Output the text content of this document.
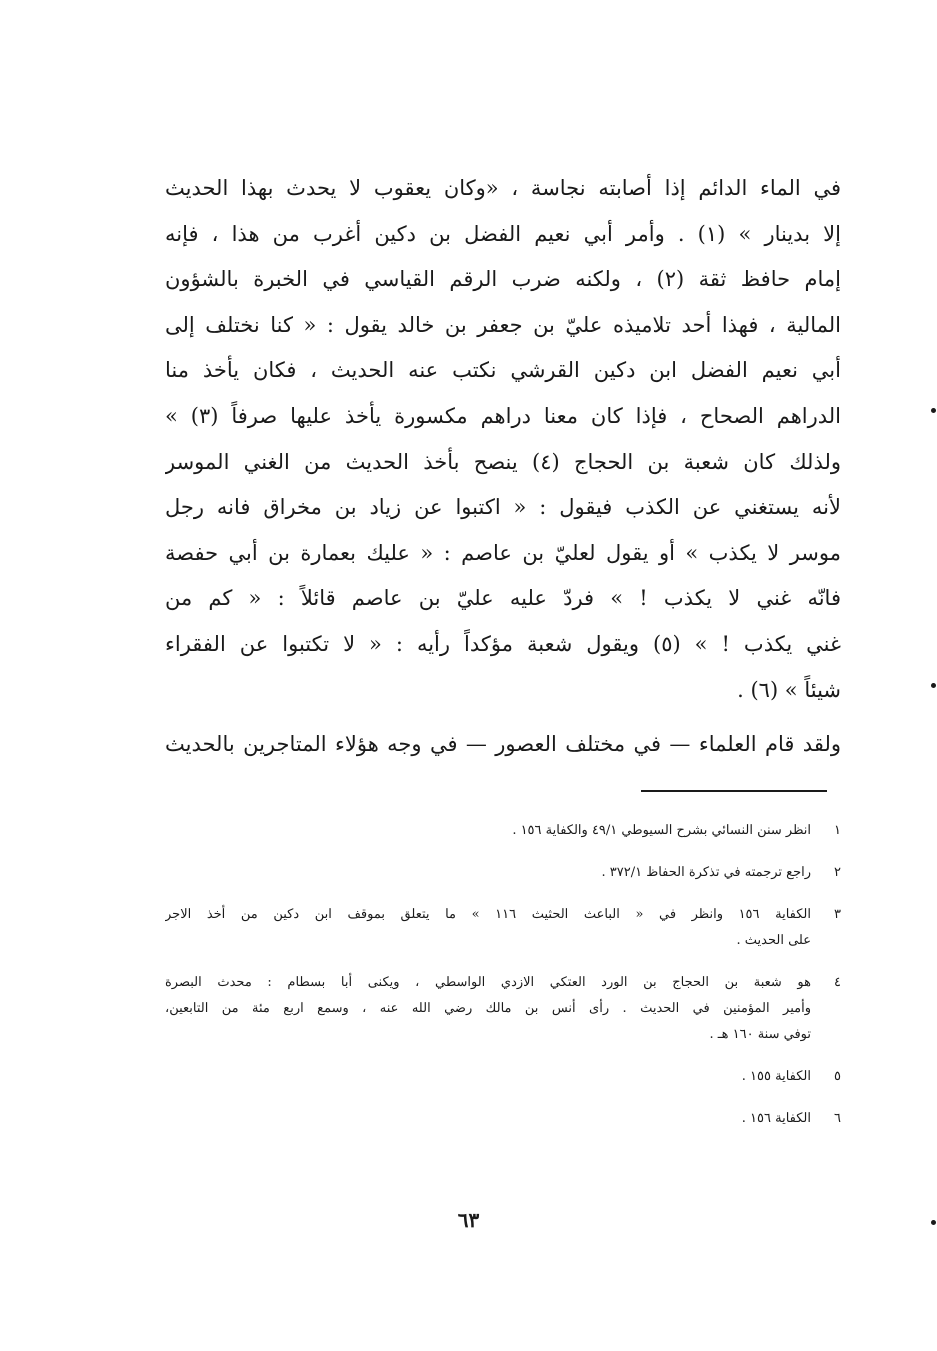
في الماء الدائم إذا أصابته نجاسة ، «وكان يعقوب لا يحدث بهذا الحديث
إلا بدينار » (١) . وأمر أبي نعيم الفضل بن دكين أغرب من هذا ، فإنه
إمام حافظ ثقة (٢) ، ولكنه ضرب الرقم القياسي في الخبرة بالشؤون
المالية ، فهذا أحد تلاميذه عليّ بن جعفر بن خالد يقول : « كنا نختلف إلى
أبي نعيم الفضل ابن دكين القرشي نكتب عنه الحديث ، فكان يأخذ منا
الدراهم الصحاح ، فإذا كان معنا دراهم مكسورة يأخذ عليها صرفاً (٣) »
ولذلك كان شعبة بن الحجاج (٤) ينصح بأخذ الحديث من الغني الموسر
لأنه يستغني عن الكذب فيقول : « اكتبوا عن زياد بن مخراق فانه رجل
موسر لا يكذب » أو يقول لعليّ بن عاصم : « عليك بعمارة بن أبي حفصة
فانّه غني لا يكذب ! » فردّ عليه عليّ بن عاصم قائلاً : « كم من
غني يكذب ! » (٥) ويقول شعبة مؤكداً رأيه : « لا تكتبوا عن الفقراء
شيئاً » (٦) .
ولقد قام العلماء — في مختلف العصور — في وجه هؤلاء المتاجرين بالحديث
١
انظر سنن النسائي بشرح السيوطي ٤٩/١ والكفاية ١٥٦ .
٢
راجع ترجمته في تذكرة الحفاظ ٣٧٢/١ .
٣
الكفاية ١٥٦ وانظر في « الباعث الحثيث ١١٦ » ما يتعلق بموقف ابن دكين من أخذ الاجر
على الحديث .
٤
هو شعبة بن الحجاج بن الورد العتكي الازدي الواسطي ، ويكنى أبا بسطام : محدث البصرة
وأمير المؤمنين في الحديث . رأى أنس بن مالك رضي الله عنه ، وسمع اربع مئة من التابعين،
توفي سنة ١٦٠ هـ .
٥
الكفاية ١٥٥ .
٦
الكفاية ١٥٦ .
٦٣
